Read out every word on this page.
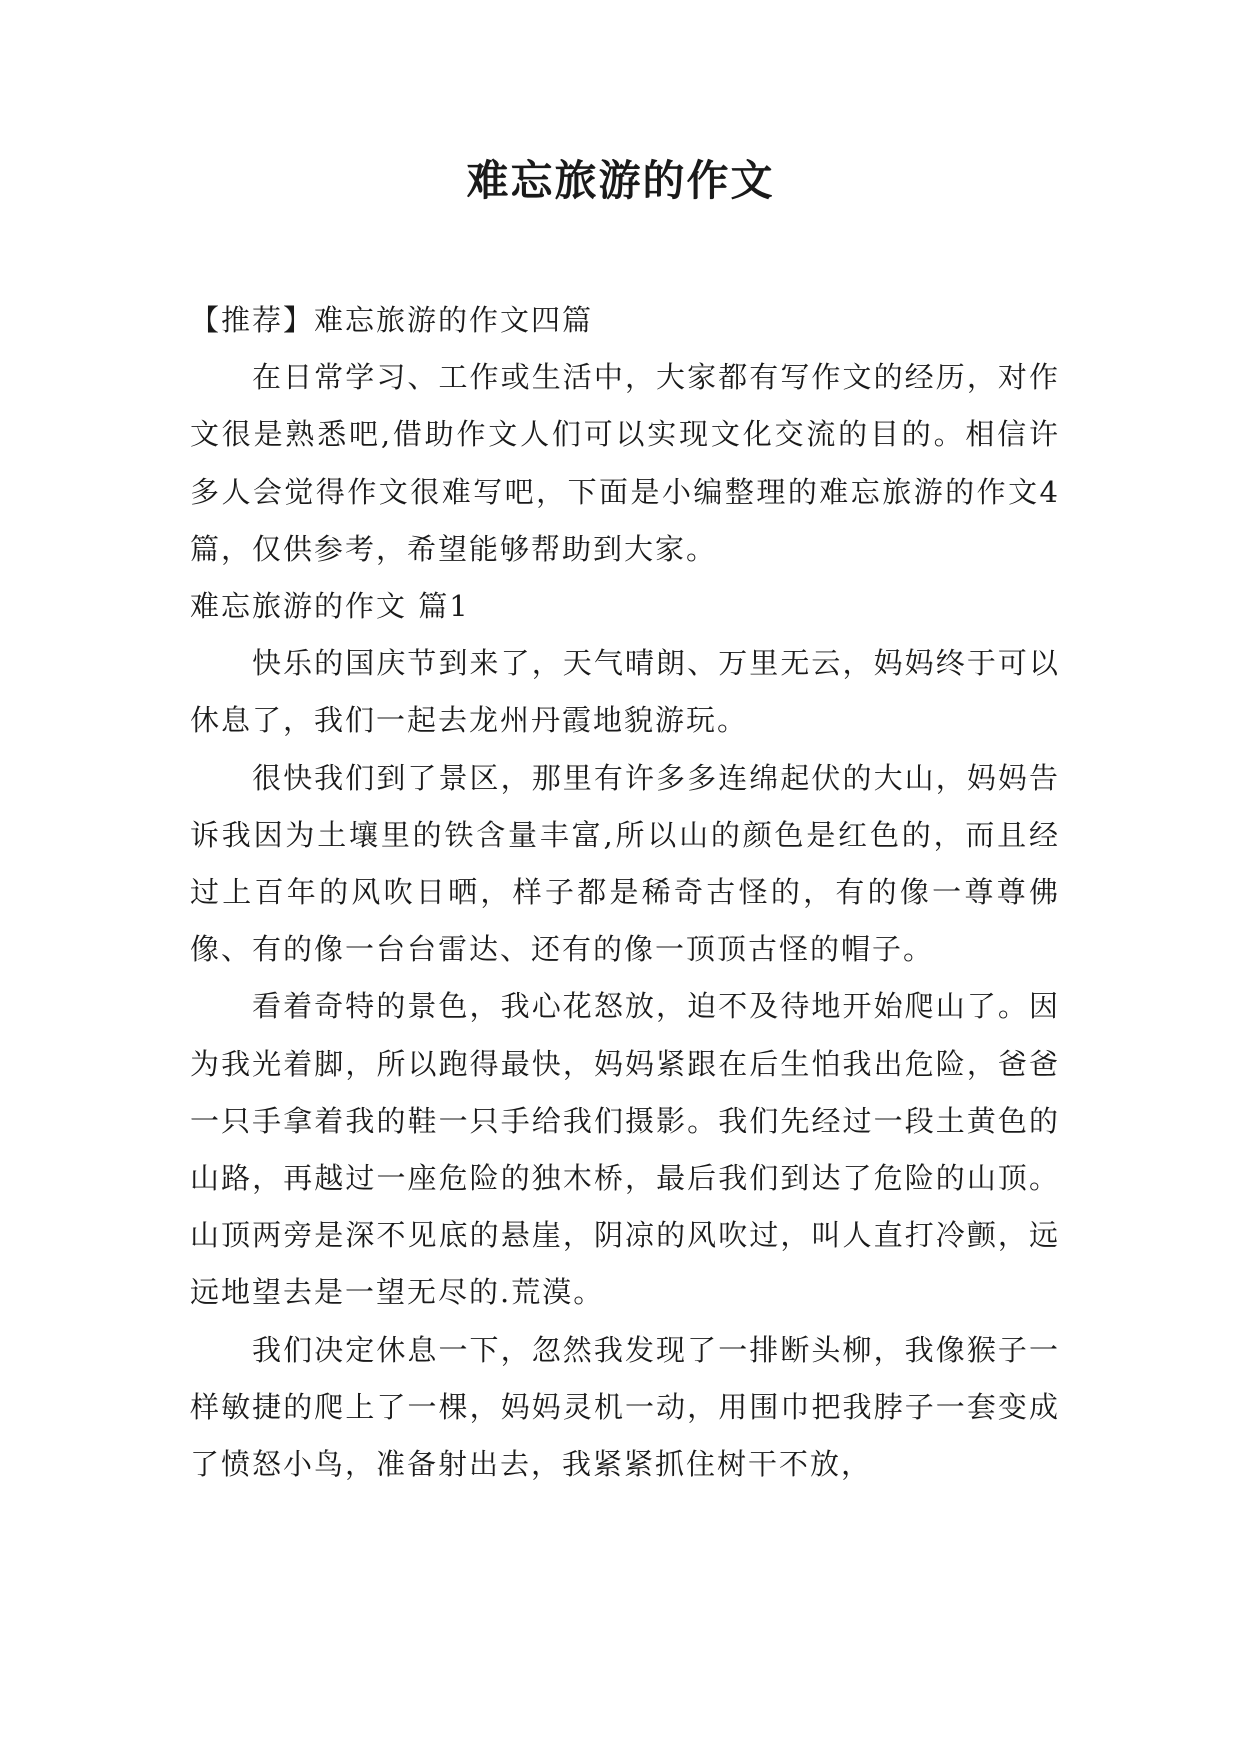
难忘旅游的作文

【推荐】难忘旅游的作文四篇

在日常学习、工作或生活中，大家都有写作文的经历，对作文很是熟悉吧,借助作文人们可以实现文化交流的目的。相信许多人会觉得作文很难写吧，下面是小编整理的难忘旅游的作文4篇，仅供参考，希望能够帮助到大家。

难忘旅游的作文 篇1

快乐的国庆节到来了，天气晴朗、万里无云，妈妈终于可以休息了，我们一起去龙州丹霞地貌游玩。

很快我们到了景区，那里有许多多连绵起伏的大山，妈妈告诉我因为土壤里的铁含量丰富,所以山的颜色是红色的，而且经过上百年的风吹日晒，样子都是稀奇古怪的，有的像一尊尊佛像、有的像一台台雷达、还有的像一顶顶古怪的帽子。

看着奇特的景色，我心花怒放，迫不及待地开始爬山了。因为我光着脚，所以跑得最快，妈妈紧跟在后生怕我出危险，爸爸一只手拿着我的鞋一只手给我们摄影。我们先经过一段土黄色的山路，再越过一座危险的独木桥，最后我们到达了危险的山顶。山顶两旁是深不见底的悬崖，阴凉的风吹过，叫人直打冷颤，远远地望去是一望无尽的.荒漠。

我们决定休息一下，忽然我发现了一排断头柳，我像猴子一样敏捷的爬上了一棵，妈妈灵机一动，用围巾把我脖子一套变成了愤怒小鸟，准备射出去，我紧紧抓住树干不放，
